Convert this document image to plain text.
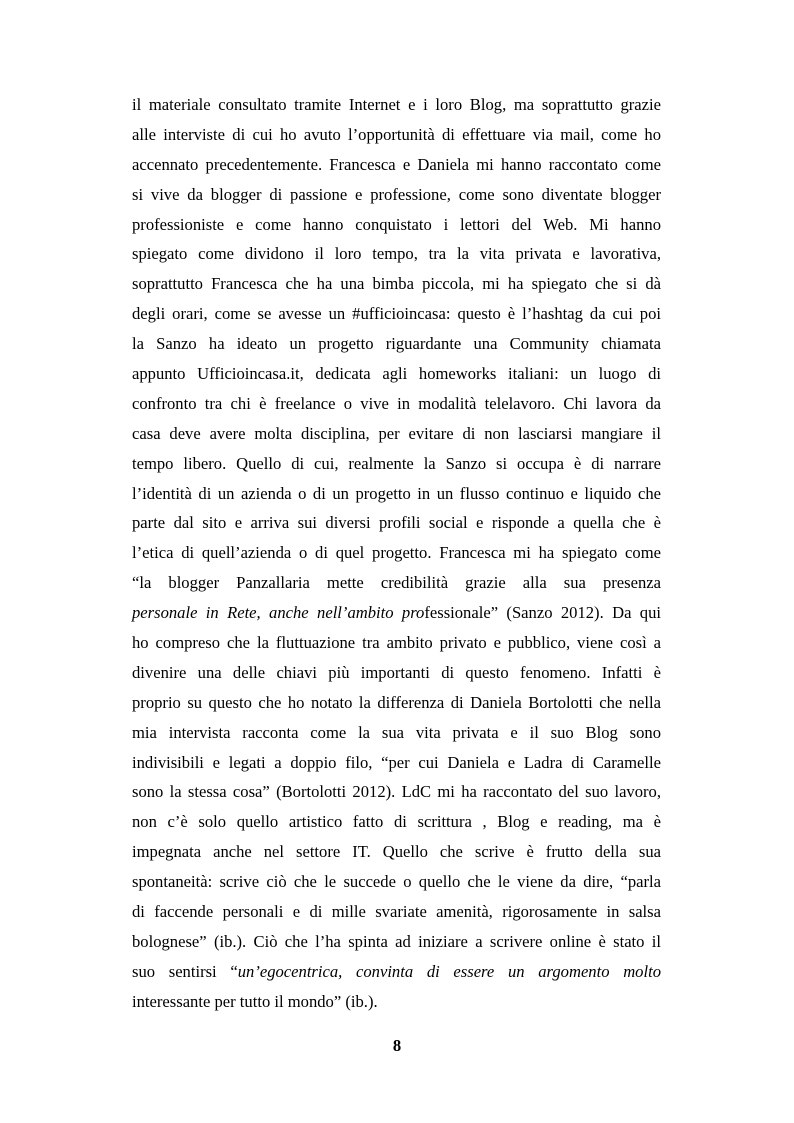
il materiale consultato tramite Internet e i loro Blog, ma soprattutto grazie
alle interviste di cui ho avuto l’opportunità di effettuare via mail, come ho
accennato precedentemente. Francesca e Daniela mi hanno raccontato come
si vive da blogger di passione e professione, come sono diventate blogger
professioniste e come hanno conquistato i lettori del Web. Mi hanno
spiegato come dividono il loro tempo, tra la vita privata e lavorativa,
soprattutto Francesca che ha una bimba piccola, mi ha spiegato che si dà
degli orari, come se avesse un #ufficioincasa: questo è l’hashtag da cui poi
la Sanzo ha ideato un progetto riguardante una Community chiamata
appunto Ufficioincasa.it, dedicata agli homeworks italiani: un luogo di
confronto tra chi è freelance o vive in modalità telelavoro. Chi lavora da
casa deve avere molta disciplina, per evitare di non lasciarsi mangiare il
tempo libero. Quello di cui, realmente la Sanzo si occupa è di narrare
l’identità di un azienda o di un progetto in un flusso continuo e liquido che
parte dal sito e arriva sui diversi profili social e risponde a quella che è
l’etica di quell’azienda o di quel progetto. Francesca mi ha spiegato come
“la blogger Panzallaria mette credibilità grazie alla sua presenza
personale in Rete, anche nell’ambito professionale” (Sanzo 2012). Da qui
ho compreso che la fluttuazione tra ambito privato e pubblico, viene così a
divenire una delle chiavi più importanti di questo fenomeno. Infatti è
proprio su questo che ho notato la differenza di Daniela Bortolotti che nella
mia intervista racconta come la sua vita privata e il suo Blog sono
indivisibili e legati a doppio filo, “per cui Daniela e Ladra di Caramelle
sono la stessa cosa” (Bortolotti 2012). LdC mi ha raccontato del suo lavoro,
non c’è solo quello artistico fatto di scrittura , Blog e reading, ma è
impegnata anche nel settore IT. Quello che scrive è frutto della sua
spontaneità: scrive ciò che le succede o quello che le viene da dire, “parla
di faccende personali e di mille svariate amenità, rigorosamente in salsa
bolognese” (ib.). Ciò che l’ha spinta ad iniziare a scrivere online è stato il
suo sentirsi “un’egocentrica, convinta di essere un argomento molto
interessante per tutto il mondo” (ib.).
8
